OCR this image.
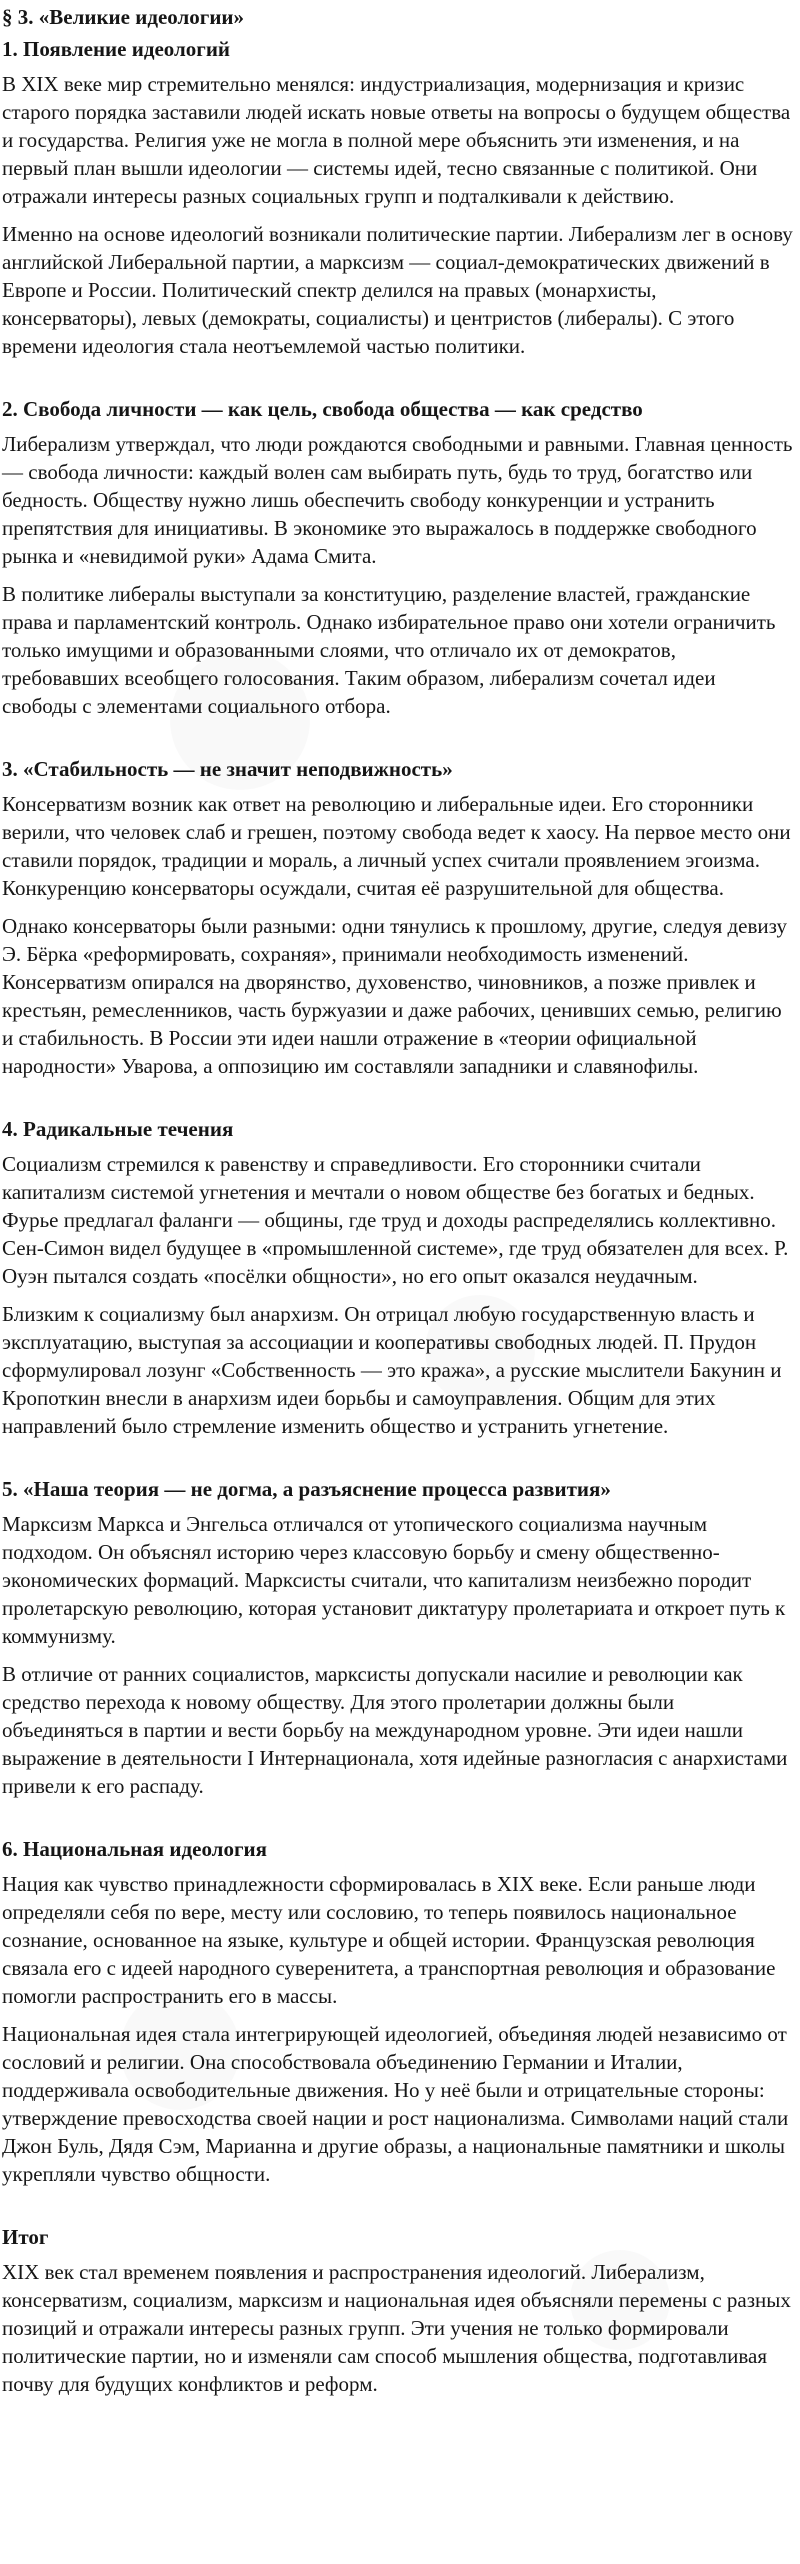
§ 3. «Великие идеологии»
1. Появление идеологий

В XIX веке мир стремительно менялся: индустриализация, модернизация и кризис старого порядка заставили людей искать новые ответы на вопросы о будущем общества и государства. Религия уже не могла в полной мере объяснить эти изменения, и на первый план вышли идеологии — системы идей, тесно связанные с политикой. Они отражали интересы разных социальных групп и подталкивали к действию.

Именно на основе идеологий возникали политические партии. Либерализм лег в основу английской Либеральной партии, а марксизм — социал-демократических движений в Европе и России. Политический спектр делился на правых (монархисты, консерваторы), левых (демократы, социалисты) и центристов (либералы). С этого времени идеология стала неотъемлемой частью политики.

2. Свобода личности — как цель, свобода общества — как средство

Либерализм утверждал, что люди рождаются свободными и равными. Главная ценность — свобода личности: каждый волен сам выбирать путь, будь то труд, богатство или бедность. Обществу нужно лишь обеспечить свободу конкуренции и устранить препятствия для инициативы. В экономике это выражалось в поддержке свободного рынка и «невидимой руки» Адама Смита.

В политике либералы выступали за конституцию, разделение властей, гражданские права и парламентский контроль. Однако избирательное право они хотели ограничить только имущими и образованными слоями, что отличало их от демократов, требовавших всеобщего голосования. Таким образом, либерализм сочетал идеи свободы с элементами социального отбора.

3. «Стабильность — не значит неподвижность»

Консерватизм возник как ответ на революцию и либеральные идеи. Его сторонники верили, что человек слаб и грешен, поэтому свобода ведет к хаосу. На первое место они ставили порядок, традиции и мораль, а личный успех считали проявлением эгоизма. Конкуренцию консерваторы осуждали, считая её разрушительной для общества.

Однако консерваторы были разными: одни тянулись к прошлому, другие, следуя девизу Э. Бёрка «реформировать, сохраняя», принимали необходимость изменений. Консерватизм опирался на дворянство, духовенство, чиновников, а позже привлек и крестьян, ремесленников, часть буржуазии и даже рабочих, ценивших семью, религию и стабильность. В России эти идеи нашли отражение в «теории официальной народности» Уварова, а оппозицию им составляли западники и славянофилы.

4. Радикальные течения

Социализм стремился к равенству и справедливости. Его сторонники считали капитализм системой угнетения и мечтали о новом обществе без богатых и бедных. Фурье предлагал фаланги — общины, где труд и доходы распределялись коллективно. Сен-Симон видел будущее в «промышленной системе», где труд обязателен для всех. Р. Оуэн пытался создать «посёлки общности», но его опыт оказался неудачным.

Близким к социализму был анархизм. Он отрицал любую государственную власть и эксплуатацию, выступая за ассоциации и кооперативы свободных людей. П. Прудон сформулировал лозунг «Собственность — это кража», а русские мыслители Бакунин и Кропоткин внесли в анархизм идеи борьбы и самоуправления. Общим для этих направлений было стремление изменить общество и устранить угнетение.

5. «Наша теория — не догма, а разъяснение процесса развития»

Марксизм Маркса и Энгельса отличался от утопического социализма научным подходом. Он объяснял историю через классовую борьбу и смену общественно-экономических формаций. Марксисты считали, что капитализм неизбежно породит пролетарскую революцию, которая установит диктатуру пролетариата и откроет путь к коммунизму.

В отличие от ранних социалистов, марксисты допускали насилие и революции как средство перехода к новому обществу. Для этого пролетарии должны были объединяться в партии и вести борьбу на международном уровне. Эти идеи нашли выражение в деятельности I Интернационала, хотя идейные разногласия с анархистами привели к его распаду.

6. Национальная идеология

Нация как чувство принадлежности сформировалась в XIX веке. Если раньше люди определяли себя по вере, месту или сословию, то теперь появилось национальное сознание, основанное на языке, культуре и общей истории. Французская революция связала его с идеей народного суверенитета, а транспортная революция и образование помогли распространить его в массы.

Национальная идея стала интегрирующей идеологией, объединяя людей независимо от сословий и религии. Она способствовала объединению Германии и Италии, поддерживала освободительные движения. Но у неё были и отрицательные стороны: утверждение превосходства своей нации и рост национализма. Символами наций стали Джон Буль, Дядя Сэм, Марианна и другие образы, а национальные памятники и школы укрепляли чувство общности.

Итог

XIX век стал временем появления и распространения идеологий. Либерализм, консерватизм, социализм, марксизм и национальная идея объясняли перемены с разных позиций и отражали интересы разных групп. Эти учения не только формировали политические партии, но и изменяли сам способ мышления общества, подготавливая почву для будущих конфликтов и реформ.
